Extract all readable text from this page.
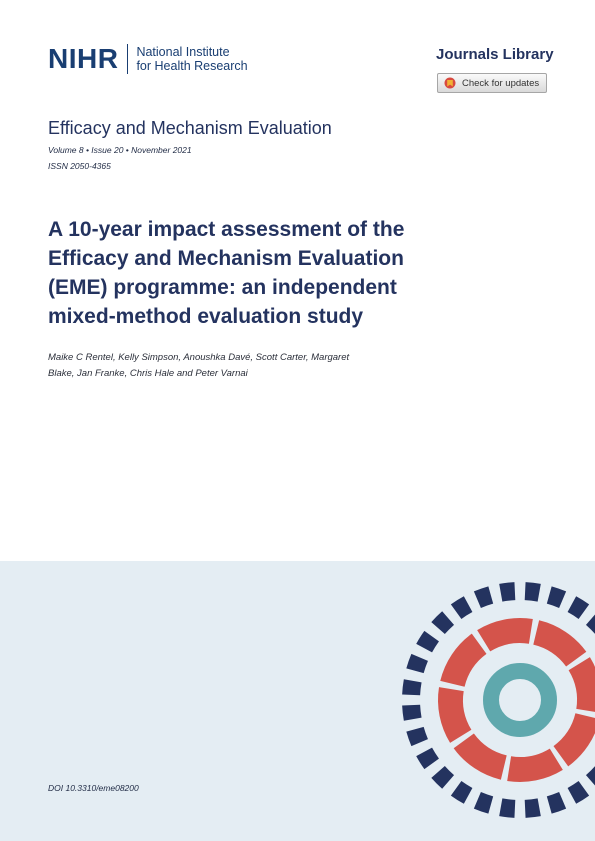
NIHR National Institute
for Health Research
Journals Library
Check for updates
Efficacy and Mechanism Evaluation
Volume 8 • Issue 20 • November 2021
ISSN 2050-4365
A 10-year impact assessment of the Efficacy and Mechanism Evaluation (EME) programme: an independent mixed-method evaluation study
Maike C Rentel, Kelly Simpson, Anoushka Davé, Scott Carter, Margaret Blake, Jan Franke, Chris Hale and Peter Varnai
DOI 10.3310/eme08200
